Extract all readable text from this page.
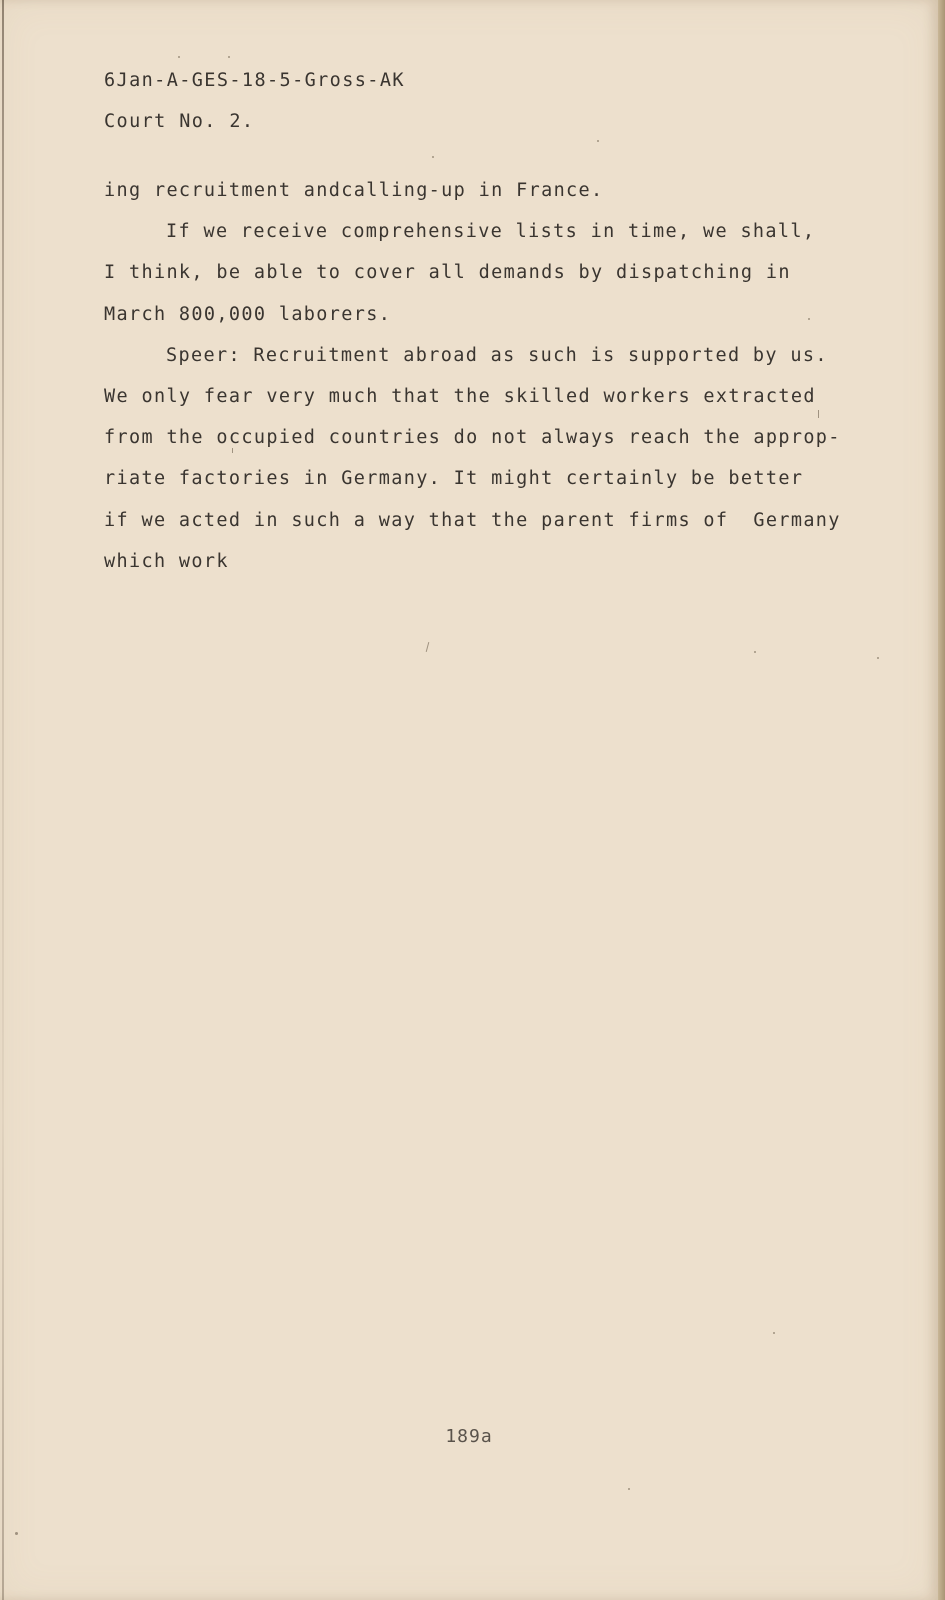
6Jan-A-GES-18-5-Gross-AK

Court No. 2.

ing recruitment andcalling-up in France.
If we receive comprehensive lists in time, we shall,
I think, be able to cover all demands by dispatching in
March 800,000 laborers.
Speer: Recruitment abroad as such is supported by us.
We only fear very much that the skilled workers extracted
from the occupied countries do not always reach the approp-
riate factories in Germany. It might certainly be better
if we acted in such a way that the parent firms of  Germany
which work
189a
